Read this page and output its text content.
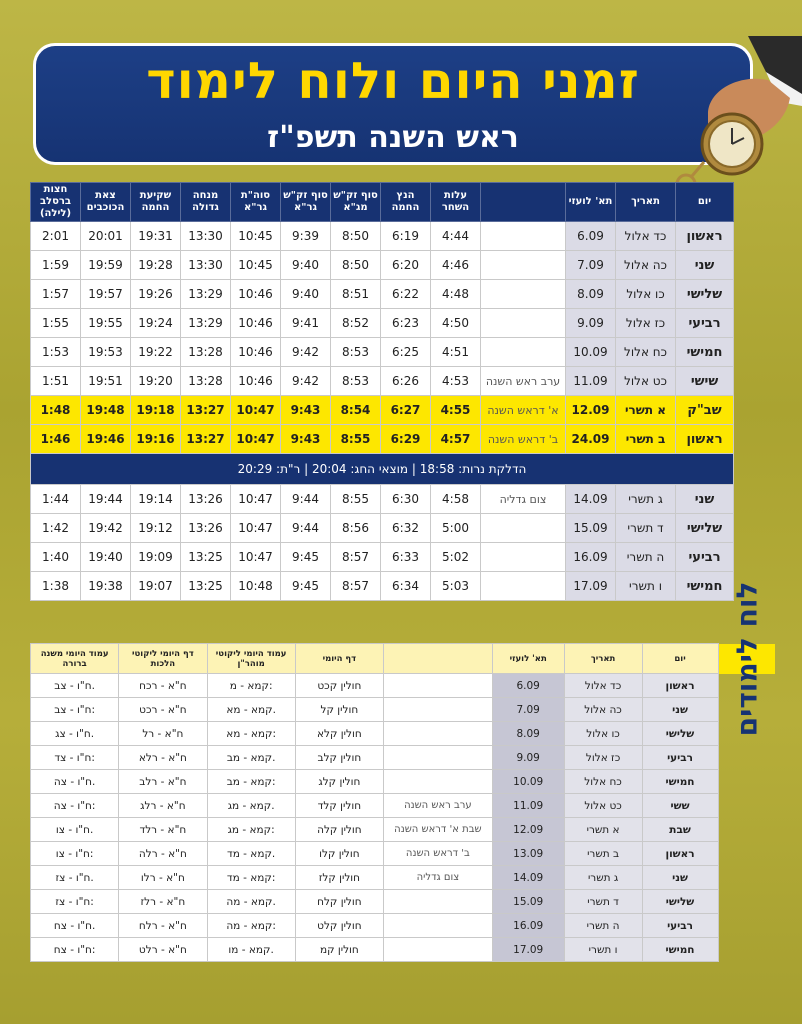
זמני היום ולוח לימוד
ראש השנה תשפ"ז
חצות ברסלב (לילה)	צאת הכוכבים	שקיעת החמה	מנחה גדולה	סוה"ת גר"א	סוף זק"ש גר"א	סוף זק"ש מג"א	הנץ החמה	עלות השחר		תא' לועזי	תאריך	יום
2:01	20:01	19:31	13:30	10:45	9:39	8:50	6:19	4:44		6.09	כד אלול	ראשון
1:59	19:59	19:28	13:30	10:45	9:40	8:50	6:20	4:46		7.09	כה אלול	שני
1:57	19:57	19:26	13:29	10:46	9:40	8:51	6:22	4:48		8.09	כו אלול	שלישי
1:55	19:55	19:24	13:29	10:46	9:41	8:52	6:23	4:50		9.09	כז אלול	רביעי
1:53	19:53	19:22	13:28	10:46	9:42	8:53	6:25	4:51		10.09	כח אלול	חמישי
1:51	19:51	19:20	13:28	10:46	9:42	8:53	6:26	4:53	ערב ראש השנה	11.09	כט אלול	שישי
1:48	19:48	19:18	13:27	10:47	9:43	8:54	6:27	4:55	א' דראש השנה	12.09	א תשרי	שב"ק
1:46	19:46	19:16	13:27	10:47	9:43	8:55	6:29	4:57	ב' דראש השנה	24.09	ב תשרי	ראשון
הדלקת נרות: 18:58 | מוצאי החג: 20:04 | ר"ת: 20:29												
1:44	19:44	19:14	13:26	10:47	9:44	8:55	6:30	4:58	צום גדליה	14.09	ג תשרי	שני
1:42	19:42	19:12	13:26	10:47	9:44	8:56	6:32	5:00		15.09	ד תשרי	שלישי
1:40	19:40	19:09	13:25	10:47	9:45	8:57	6:33	5:02		16.09	ה תשרי	רביעי
1:38	19:38	19:07	13:25	10:48	9:45	8:57	6:34	5:03		17.09	ו תשרי	חמישי
עמוד היומי משנה ברורה	דף היומי ליקוטי הלכות	עמוד היומי ליקוטי מוהר"ן	דף היומי		תא' לועזי	תאריך	יום	לוח לימודים

ח"ו - צב.	ח"א - רכח	קמא - מ:	חולין קכט		6.09	כד אלול	ראשון	
ח"ו - צב:	ח"א - רכט	קמא - מא.	חולין קל		7.09	כה אלול	שני	
ח"ו - צג.	ח"א - רל	קמא - מא:	חולין קלא		8.09	כו אלול	שלישי	
ח"ו - צד:	ח"א - רלא	קמא - מב.	חולין קלב		9.09	כז אלול	רביעי	
ח"ו - צה.	ח"א - רלב	קמא - מב:	חולין קלג		10.09	כח אלול	חמישי	
ח"ו - צה:	ח"א - רלג	קמא - מג.	חולין קלד	ערב ראש השנה	11.09	כט אלול	ששי	
ח"ו - צו.	ח"א - רלד	קמא - מג:	חולין קלה	שבת א' דראש השנה	12.09	א תשרי	שבת	
ח"ו - צו:	ח"א - רלה	קמא - מד.	חולין קלו	ב' דראש השנה	13.09	ב תשרי	ראשון	
ח"ו - צז.	ח"א - רלו	קמא - מד:	חולין קלז	צום גדליה	14.09	ג תשרי	שני	
ח"ו - צז:	ח"א - רלז	קמא - מה.	חולין קלח		15.09	ד תשרי	שלישי	
ח"ו - צח.	ח"א - רלח	קמא - מה:	חולין קלט		16.09	ה תשרי	רביעי	
ח"ו - צח:	ח"א - רלט	קמא - מו.	חולין קמ		17.09	ו תשרי	חמישי	
